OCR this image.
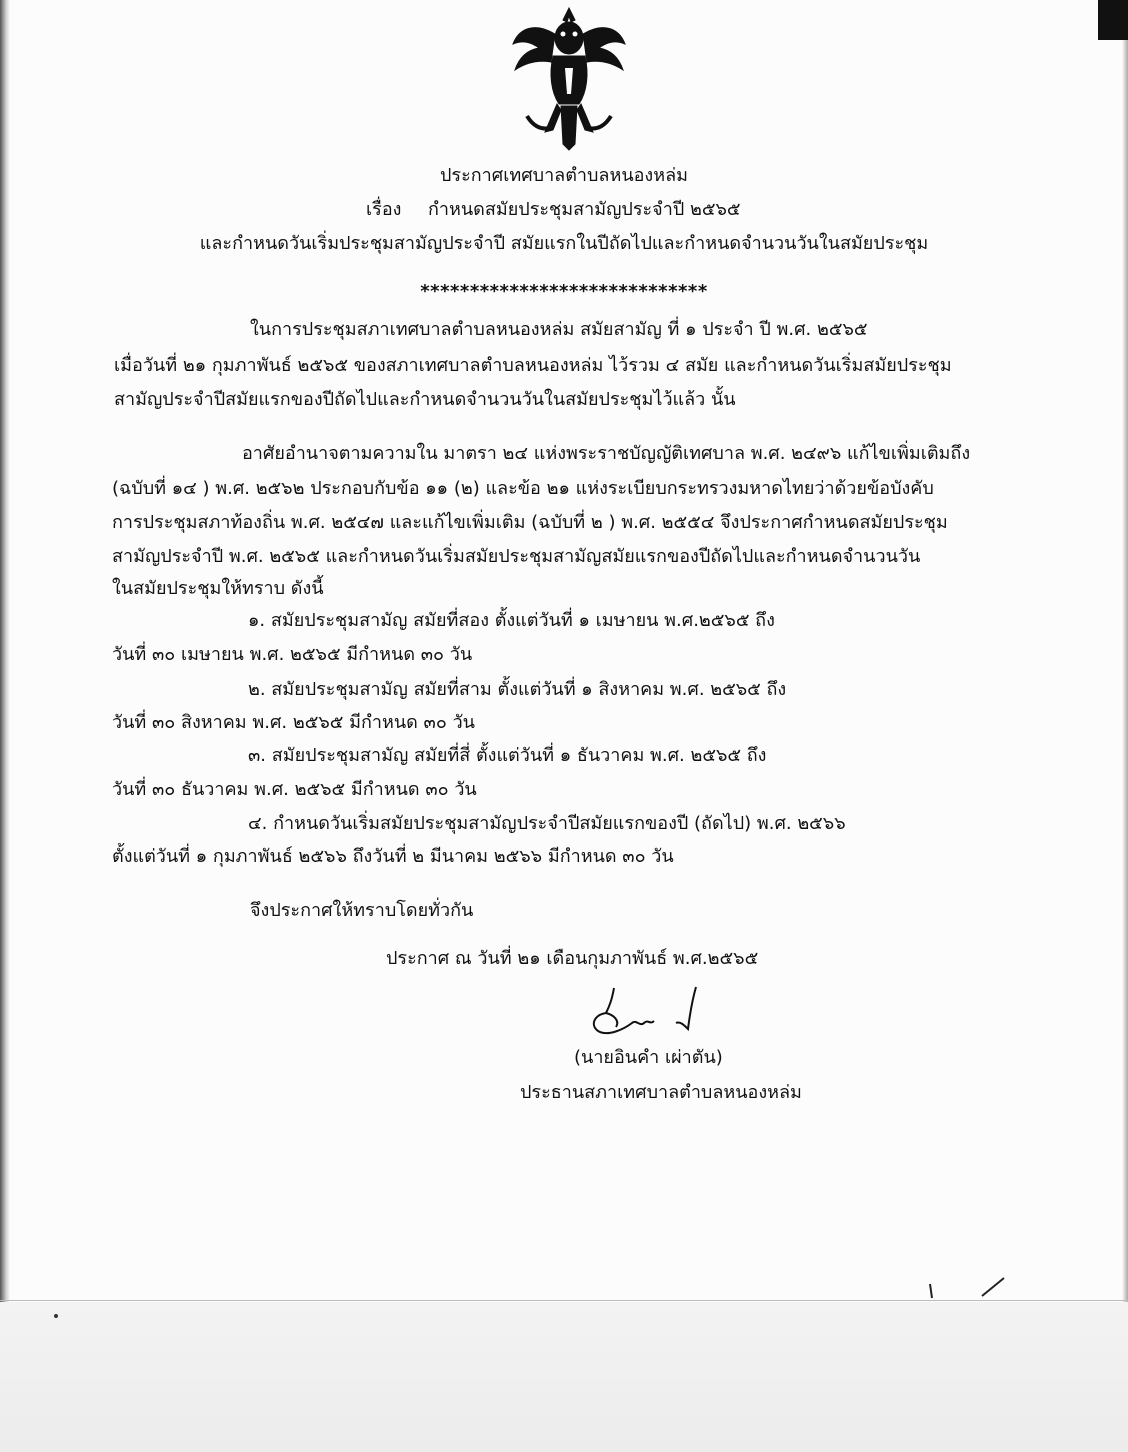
ประกาศเทศบาลตำบลหนองหล่ม
เรื่อง กำหนดสมัยประชุมสามัญประจำปี ๒๕๖๕
และกำหนดวันเริ่มประชุมสามัญประจำปี สมัยแรกในปีถัดไปและกำหนดจำนวนวันในสมัยประชุม
*****************************
ในการประชุมสภาเทศบาลตำบลหนองหล่ม สมัยสามัญ ที่ ๑ ประจำ ปี พ.ศ. ๒๕๖๕
เมื่อวันที่ ๒๑ กุมภาพันธ์ ๒๕๖๕ ของสภาเทศบาลตำบลหนองหล่ม ไว้รวม ๔ สมัย และกำหนดวันเริ่มสมัยประชุม
สามัญประจำปีสมัยแรกของปีถัดไปและกำหนดจำนวนวันในสมัยประชุมไว้แล้ว นั้น
อาศัยอำนาจตามความใน มาตรา ๒๔ แห่งพระราชบัญญัติเทศบาล พ.ศ. ๒๔๙๖ แก้ไขเพิ่มเติมถึง
(ฉบับที่ ๑๔ ) พ.ศ. ๒๕๖๒ ประกอบกับข้อ ๑๑ (๒) และข้อ ๒๑ แห่งระเบียบกระทรวงมหาดไทยว่าด้วยข้อบังคับ
การประชุมสภาท้องถิ่น พ.ศ. ๒๕๔๗ และแก้ไขเพิ่มเติม (ฉบับที่ ๒ ) พ.ศ. ๒๕๕๔ จึงประกาศกำหนดสมัยประชุม
สามัญประจำปี พ.ศ. ๒๕๖๕ และกำหนดวันเริ่มสมัยประชุมสามัญสมัยแรกของปีถัดไปและกำหนดจำนวนวัน
ในสมัยประชุมให้ทราบ ดังนี้
๑. สมัยประชุมสามัญ สมัยที่สอง ตั้งแต่วันที่ ๑ เมษายน พ.ศ.๒๕๖๕ ถึง
วันที่ ๓๐ เมษายน พ.ศ. ๒๕๖๕ มีกำหนด ๓๐ วัน
๒. สมัยประชุมสามัญ สมัยที่สาม ตั้งแต่วันที่ ๑ สิงหาคม พ.ศ. ๒๕๖๕ ถึง
วันที่ ๓๐ สิงหาคม พ.ศ. ๒๕๖๕ มีกำหนด ๓๐ วัน
๓. สมัยประชุมสามัญ สมัยที่สี่ ตั้งแต่วันที่ ๑ ธันวาคม พ.ศ. ๒๕๖๕ ถึง
วันที่ ๓๐ ธันวาคม พ.ศ. ๒๕๖๕ มีกำหนด ๓๐ วัน
๔. กำหนดวันเริ่มสมัยประชุมสามัญประจำปีสมัยแรกของปี (ถัดไป) พ.ศ. ๒๕๖๖
ตั้งแต่วันที่ ๑ กุมภาพันธ์ ๒๕๖๖ ถึงวันที่ ๒ มีนาคม ๒๕๖๖ มีกำหนด ๓๐ วัน
จึงประกาศให้ทราบโดยทั่วกัน
ประกาศ ณ วันที่ ๒๑ เดือนกุมภาพันธ์ พ.ศ.๒๕๖๕
(นายอินคำ เผ่าตัน)
ประธานสภาเทศบาลตำบลหนองหล่ม
